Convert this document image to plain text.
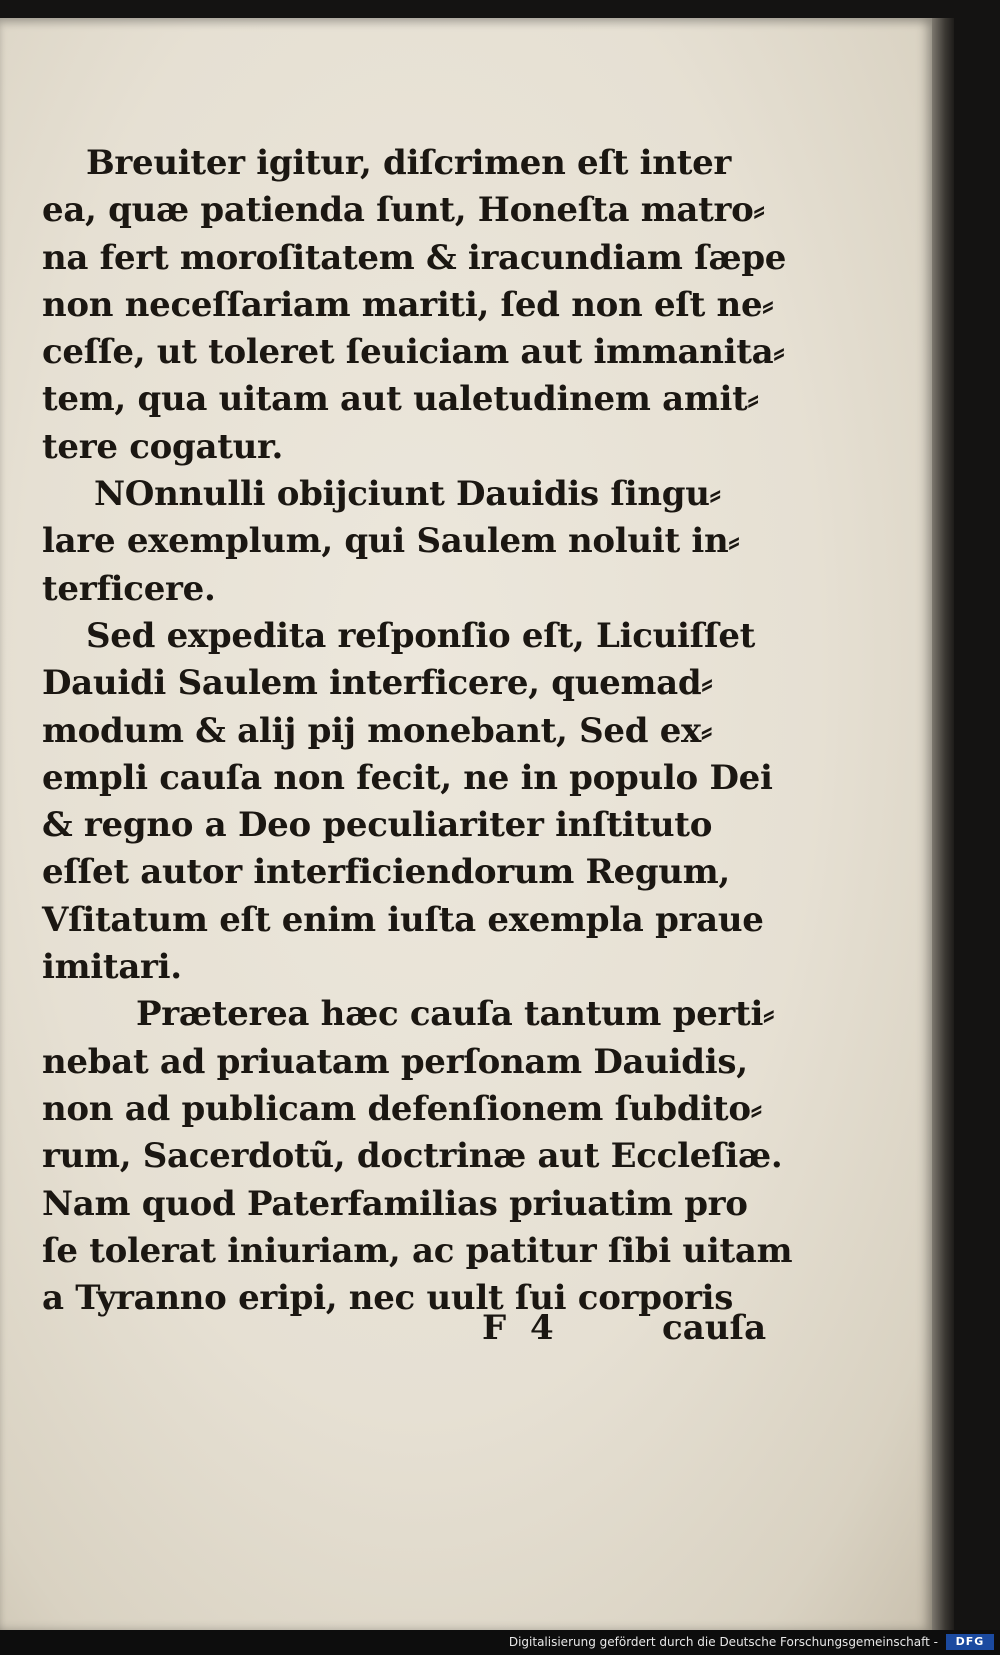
Breuiter igitur, diſcrimen eſt inter
ea, quæ patienda ſunt, Honeſta matro⸗
na fert moroſitatem & iracundiam ſæpe
non neceſſariam mariti, ſed non eſt ne⸗
ceſſe, ut toleret ſeuiciam aut immanita⸗
tem, qua uitam aut ualetudinem amit⸗
tere cogatur.

NOnnulli obijciunt Dauidis ſingu⸗
lare exemplum, qui Saulem noluit in⸗
terficere.

Sed expedita reſponſio eſt, Licuiſſet
Dauidi Saulem interficere, quemad⸗
modum & alij pij monebant, Sed ex⸗
empli cauſa non fecit, ne in populo Dei
& regno a Deo peculiariter inſtituto
eſſet autor interficiendorum Regum,
Vſitatum eſt enim iuſta exempla praue
imitari.

Præterea hæc cauſa tantum perti⸗
nebat ad priuatam perſonam Dauidis,
non ad publicam defenſionem ſubdito⸗
rum, Sacerdotũ, doctrinæ aut Eccleſiæ.
Nam quod Paterfamilias priuatim pro
ſe tolerat iniuriam, ac patitur ſibi uitam
a Tyranno eripi, nec uult ſui corporis

F 4	cauſa
Digitalisierung gefördert durch die Deutsche Forschungsgemeinschaft -	DFG
